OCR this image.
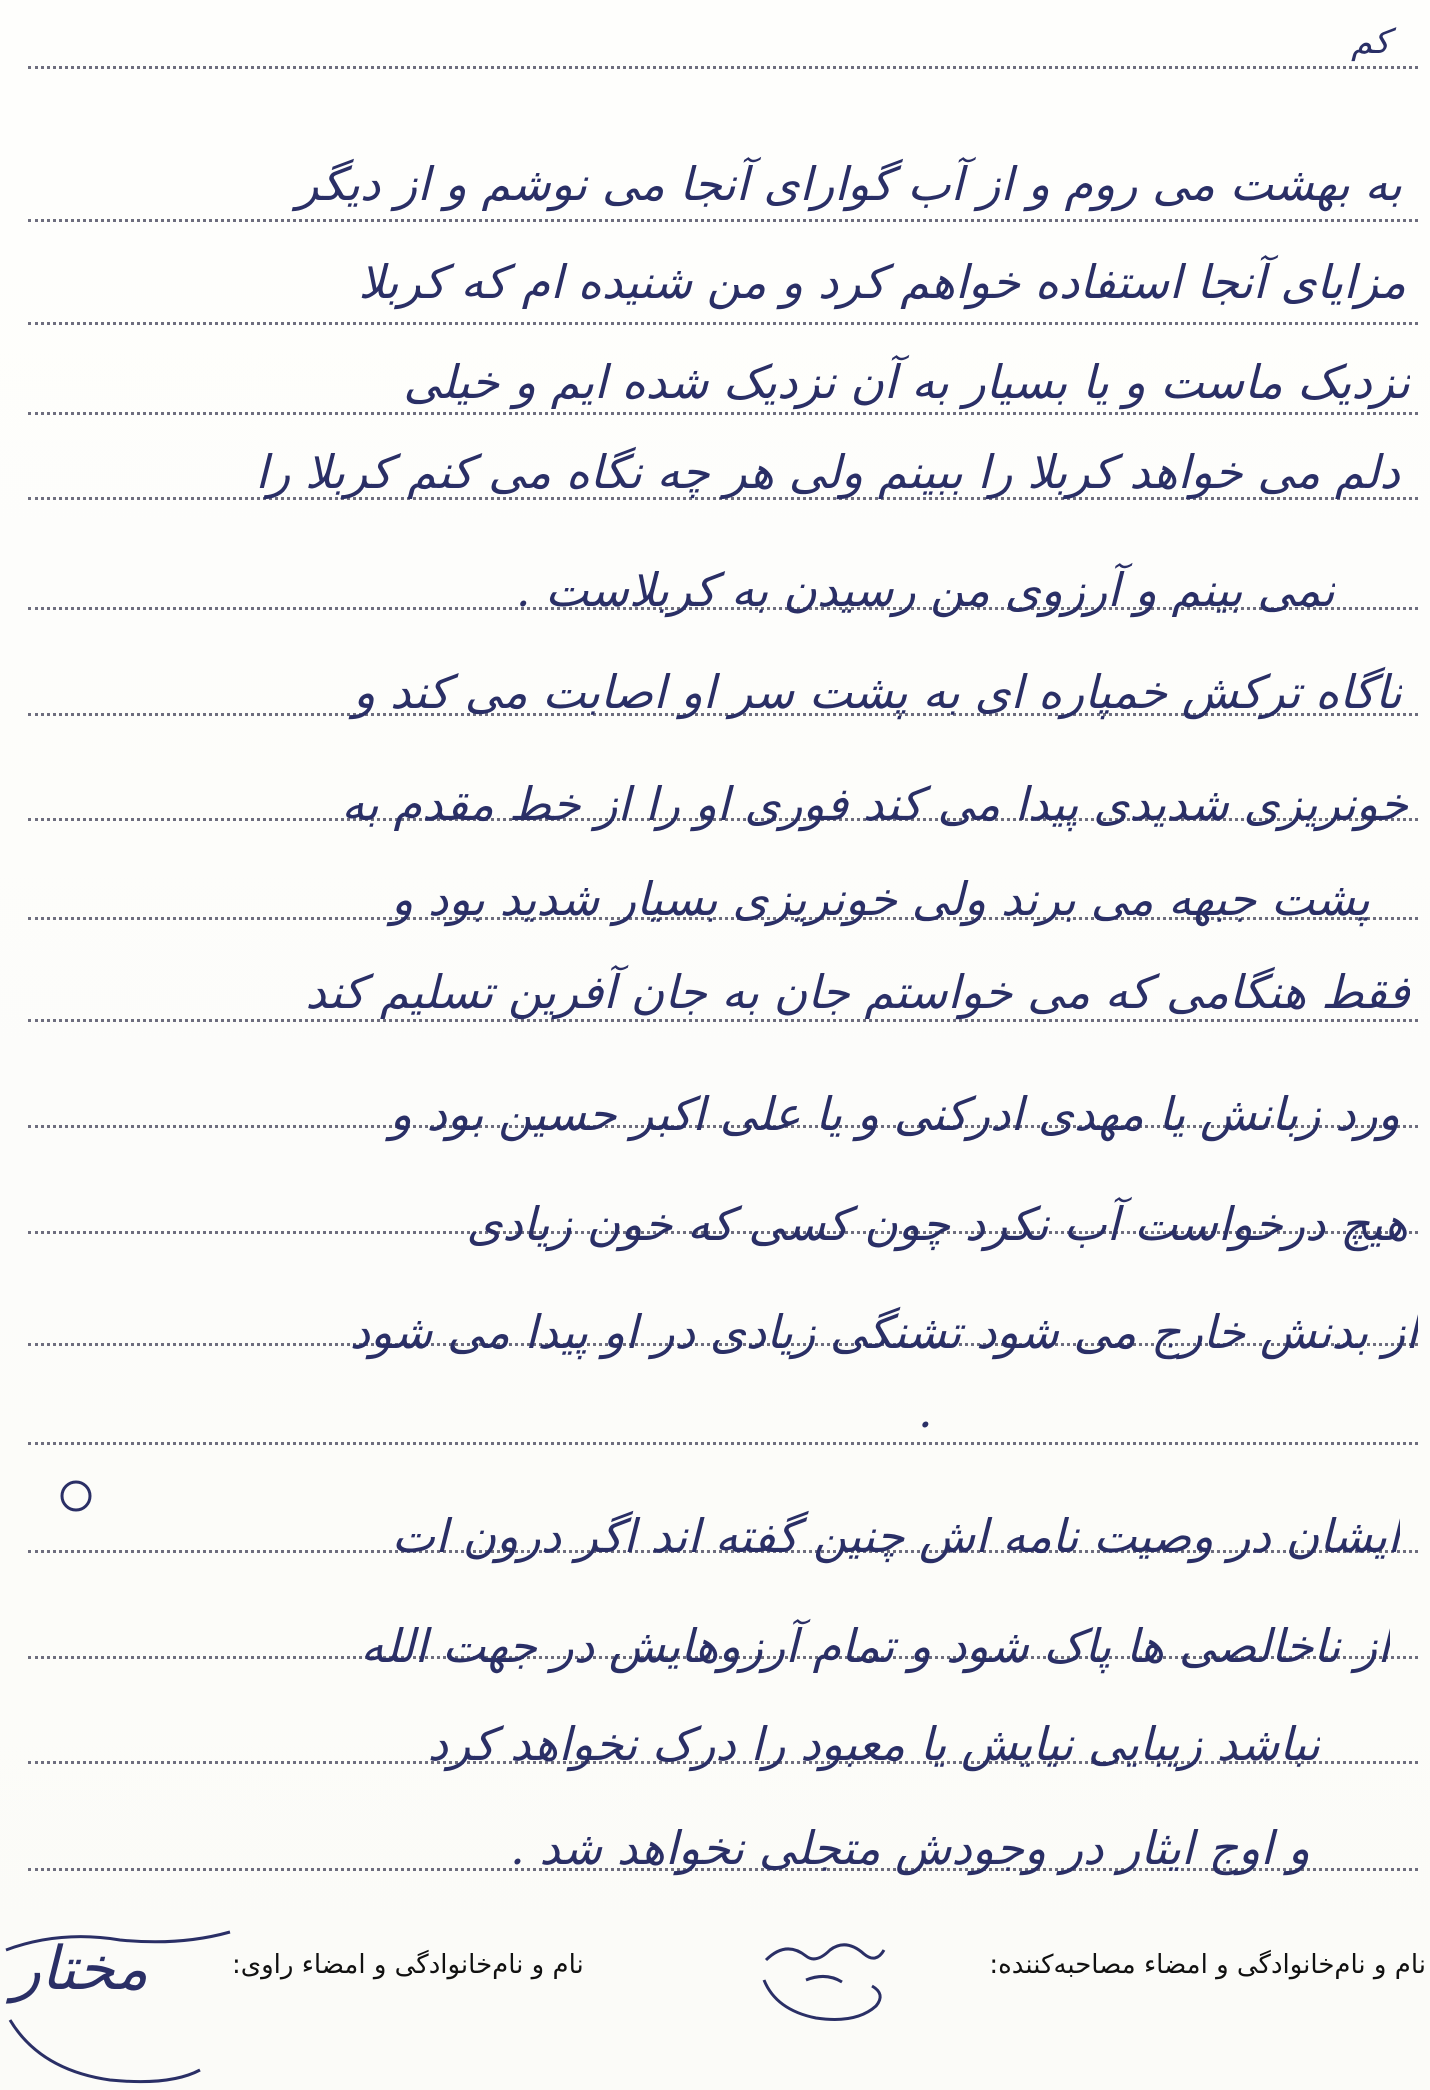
کم
به بهشت می روم و از آب گوارای آنجا می نوشم و از دیگر
مزایای آنجا استفاده خواهم کرد و من شنیده ام که کربلا
نزدیک ماست و یا بسیار به آن نزدیک شده ایم و خیلی
دلم می خواهد کربلا را ببینم ولی هر چه نگاه می کنم کربلا را
نمی بینم و آرزوی من رسیدن به کربلاست .
ناگاه ترکش خمپاره ای به پشت سر او اصابت می کند و
خونریزی شدیدی پیدا می کند فوری او را از خط مقدم به
پشت جبهه می برند ولی خونریزی بسیار شدید بود و
فقط هنگامی که می خواستم جان به جان آفرین تسلیم کند
ورد زبانش یا مهدی ادرکنی و یا علی اکبر حسین بود و
هیچ درخواست آب نکرد چون کسی که خون زیادی
از بدنش خارج می شود تشنگی زیادی در او پیدا می شود
.
ایشان در وصیت نامه اش چنین گفته اند اگر درون ات
از ناخالصی ها پاک شود و تمام آرزوهایش در جهت الله
نباشد زیبایی نیایش یا معبود را درک نخواهد کرد
و اوج ایثار در وجودش متجلی نخواهد شد .
نام و نام‌خانوادگی و امضاء مصاحبه‌کننده:
نام و نام‌خانوادگی و امضاء راوی:
مختار
